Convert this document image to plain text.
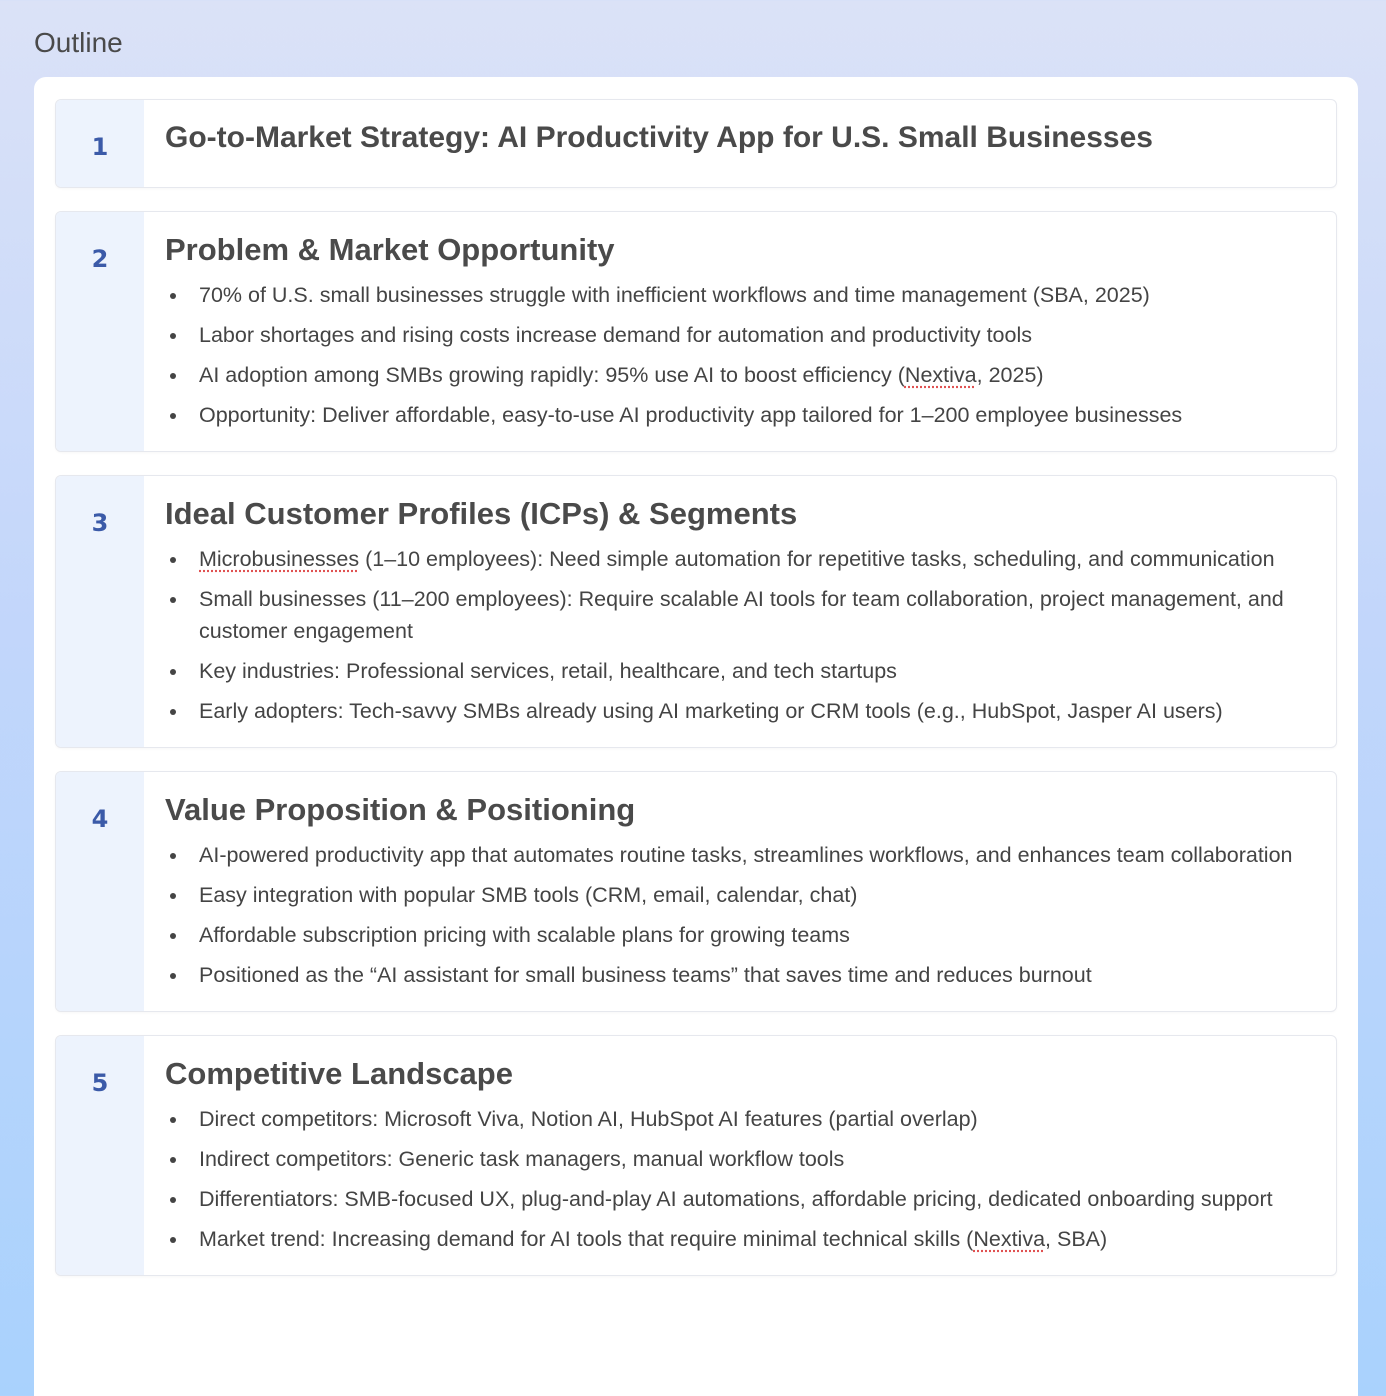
Outline
1	Go-to-Market Strategy: AI Productivity App for U.S. Small Businesses
2	Problem & Market Opportunity
70% of U.S. small businesses struggle with inefficient workflows and time management (SBA, 2025)
Labor shortages and rising costs increase demand for automation and productivity tools
AI adoption among SMBs growing rapidly: 95% use AI to boost efficiency (Nextiva, 2025)
Opportunity: Deliver affordable, easy-to-use AI productivity app tailored for 1–200 employee businesses
3	Ideal Customer Profiles (ICPs) & Segments
Microbusinesses (1–10 employees): Need simple automation for repetitive tasks, scheduling, and communication
Small businesses (11–200 employees): Require scalable AI tools for team collaboration, project management, and customer engagement
Key industries: Professional services, retail, healthcare, and tech startups
Early adopters: Tech-savvy SMBs already using AI marketing or CRM tools (e.g., HubSpot, Jasper AI users)
4	Value Proposition & Positioning
AI-powered productivity app that automates routine tasks, streamlines workflows, and enhances team collaboration
Easy integration with popular SMB tools (CRM, email, calendar, chat)
Affordable subscription pricing with scalable plans for growing teams
Positioned as the “AI assistant for small business teams” that saves time and reduces burnout
5	Competitive Landscape
Direct competitors: Microsoft Viva, Notion AI, HubSpot AI features (partial overlap)
Indirect competitors: Generic task managers, manual workflow tools
Differentiators: SMB-focused UX, plug-and-play AI automations, affordable pricing, dedicated onboarding support
Market trend: Increasing demand for AI tools that require minimal technical skills (Nextiva, SBA)
